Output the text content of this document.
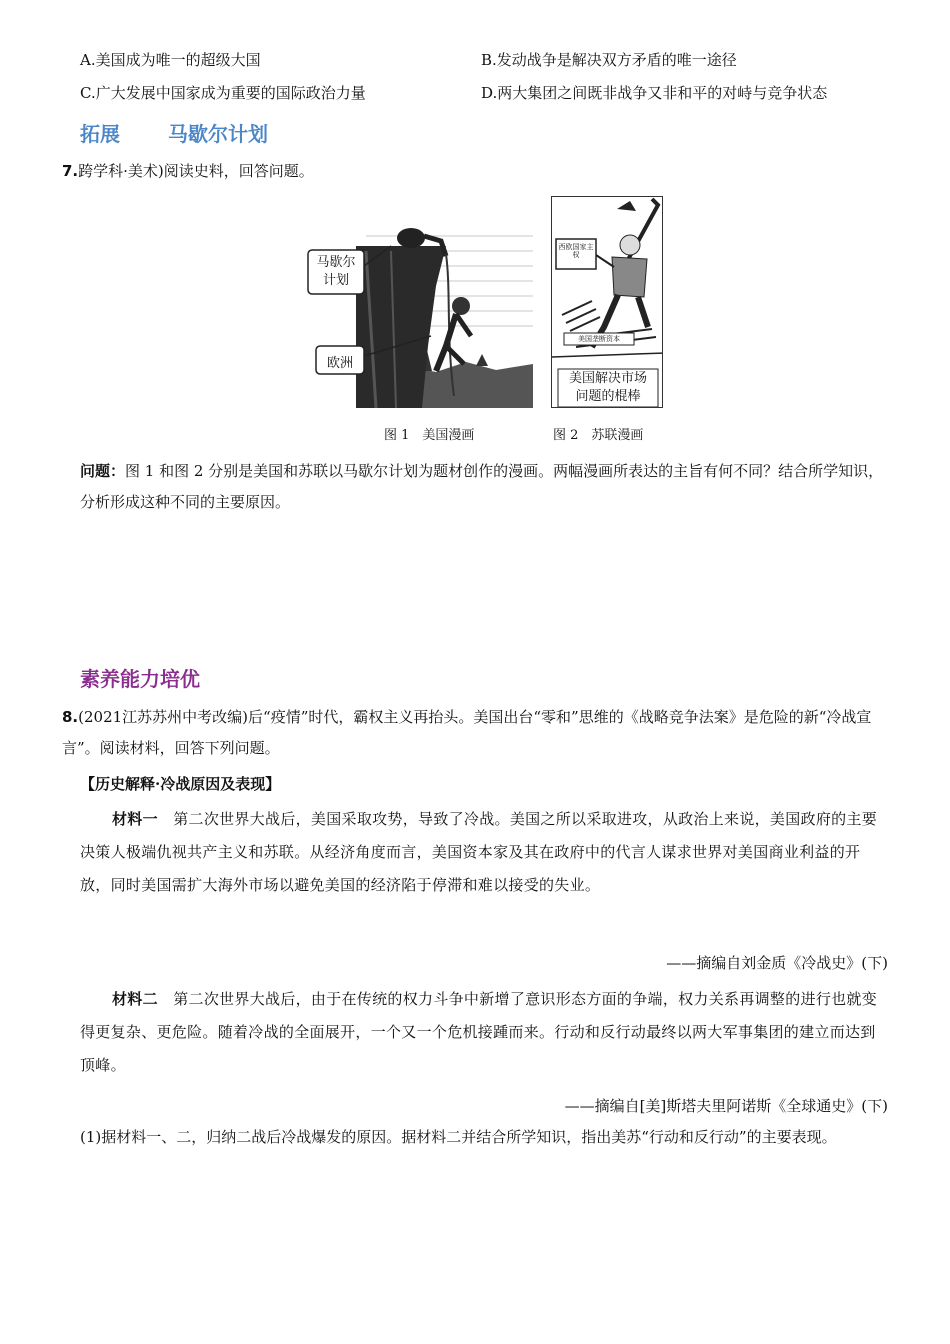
A.美国成为唯一的超级大国	B.发动战争是解决双方矛盾的唯一途径
C.广大发展中国家成为重要的国际政治力量	D.两大集团之间既非战争又非和平的对峙与竞争状态
拓展 马歇尔计划
7.跨学科·美术)阅读史料，回答问题。
马歇尔
计划
欧洲
图 1　美国漫画
西欧国家主权
美国垄断资本
美国解决市场
问题的棍棒
图 2　苏联漫画
问题：图 1 和图 2 分别是美国和苏联以马歇尔计划为题材创作的漫画。两幅漫画所表达的主旨有何不同？结合所学知识，分析形成这种不同的主要原因。
素养能力培优
8.(2021江苏苏州中考改编)后“疫情”时代，霸权主义再抬头。美国出台“零和”思维的《战略竞争法案》是危险的新“冷战宣言”。阅读材料，回答下列问题。
【历史解释·冷战原因及表现】
材料一　 第二次世界大战后，美国采取攻势，导致了冷战。美国之所以采取进攻，从政治上来说，美国政府的主要决策人极端仇视共产主义和苏联。从经济角度而言，美国资本家及其在政府中的代言人谋求世界对美国商业利益的开放，同时美国需扩大海外市场以避免美国的经济陷于停滞和难以接受的失业。
——摘编自刘金质《冷战史》(下)
材料二　 第二次世界大战后，由于在传统的权力斗争中新增了意识形态方面的争端，权力关系再调整的进行也就变得更复杂、更危险。随着冷战的全面展开，一个又一个危机接踵而来。行动和反行动最终以两大军事集团的建立而达到顶峰。
——摘编自[美]斯塔夫里阿诺斯《全球通史》(下)
(1)据材料一、二，归纳二战后冷战爆发的原因。据材料二并结合所学知识，指出美苏“行动和反行动”的主要表现。
